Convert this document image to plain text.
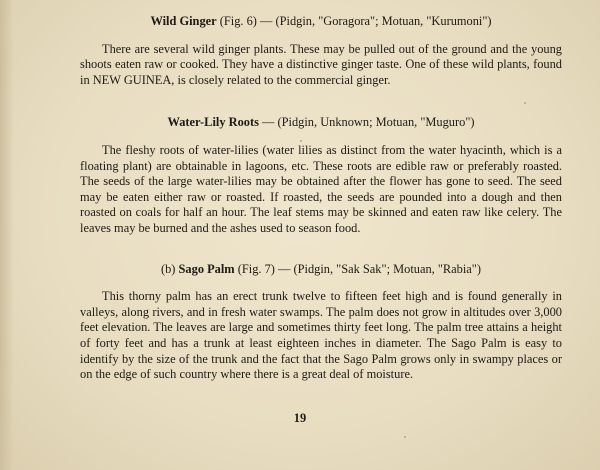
Wild Ginger (Fig. 6) — (Pidgin, "Goragora"; Motuan, "Kurumoni")

There are several wild ginger plants. These may be pulled out of the ground and the young shoots eaten raw or cooked. They have a distinctive ginger taste. One of these wild plants, found in NEW GUINEA, is closely related to the commercial ginger.

Water-Lily Roots — (Pidgin, Unknown; Motuan, "Muguro")

The fleshy roots of water-lilies (water lilies as distinct from the water hyacinth, which is a floating plant) are obtainable in lagoons, etc. These roots are edible raw or preferably roasted. The seeds of the large water-lilies may be obtained after the flower has gone to seed. The seed may be eaten either raw or roasted. If roasted, the seeds are pounded into a dough and then roasted on coals for half an hour. The leaf stems may be skinned and eaten raw like celery. The leaves may be burned and the ashes used to season food.

(b) Sago Palm (Fig. 7) — (Pidgin, "Sak Sak"; Motuan, "Rabia")

This thorny palm has an erect trunk twelve to fifteen feet high and is found generally in valleys, along rivers, and in fresh water swamps. The palm does not grow in altitudes over 3,000 feet elevation. The leaves are large and sometimes thirty feet long. The palm tree attains a height of forty feet and has a trunk at least eighteen inches in diameter. The Sago Palm is easy to identify by the size of the trunk and the fact that the Sago Palm grows only in swampy places or on the edge of such country where there is a great deal of moisture.

19
